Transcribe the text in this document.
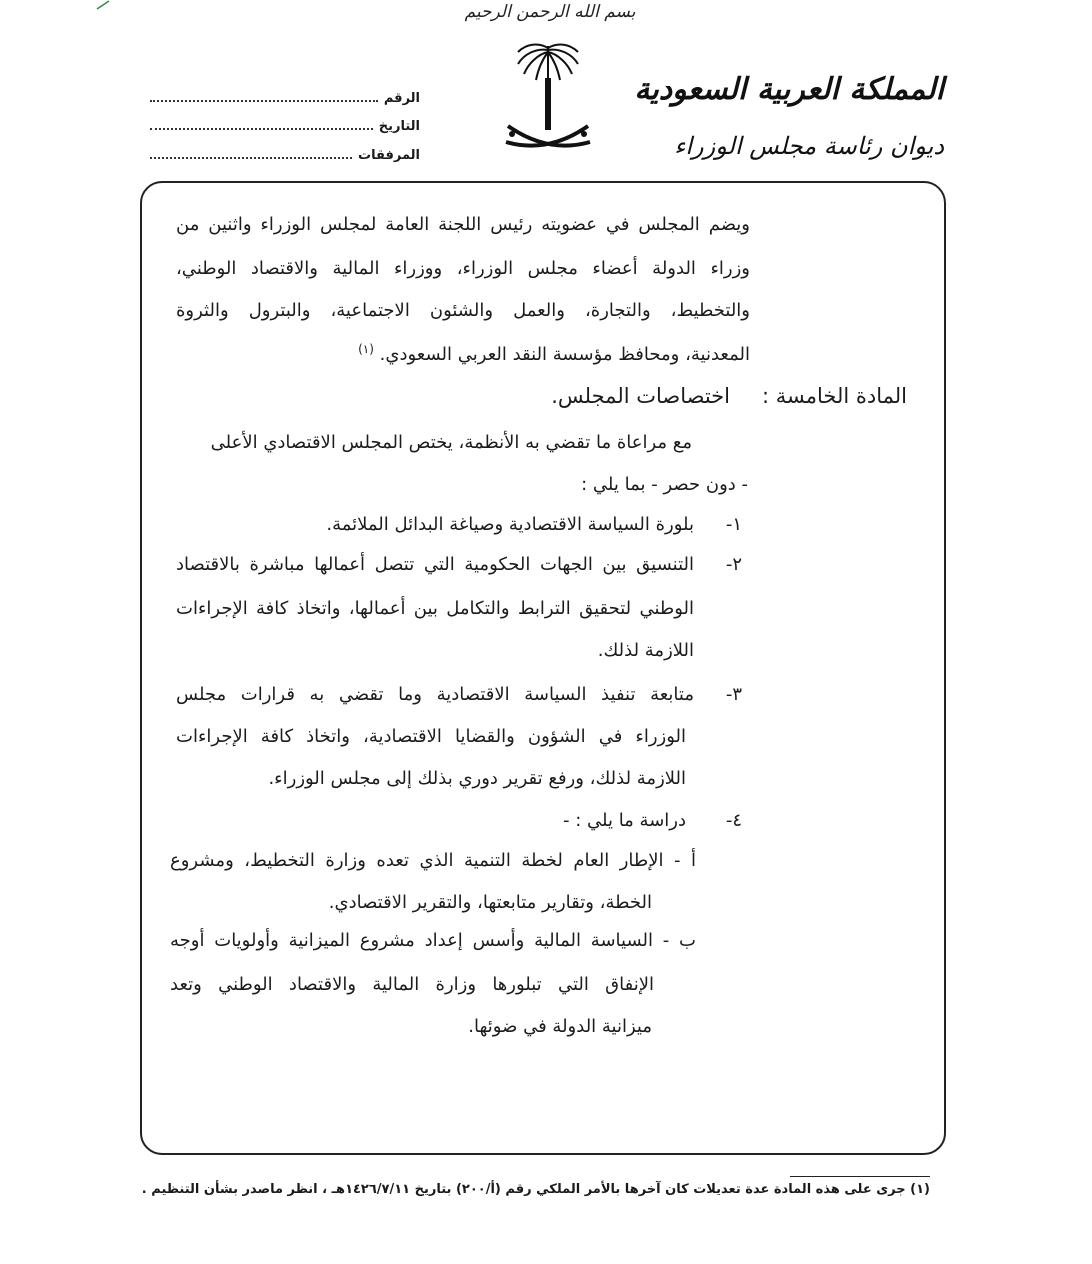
بسم الله الرحمن الرحيم
المملكة العربية السعودية
ديوان رئاسة مجلس الوزراء
الرقم
التاريخ
المرفقات
ويضم المجلس في عضويته رئيس اللجنة العامة لمجلس الوزراء واثنين من
وزراء الدولة أعضاء مجلس الوزراء، ووزراء المالية والاقتصاد الوطني،
والتخطيط، والتجارة، والعمل والشئون الاجتماعية، والبترول والثروة
المعدنية، ومحافظ مؤسسة النقد العربي السعودي. $^{(١)}$
المادة الخامسة :
اختصاصات المجلس.
مع مراعاة ما تقضي به الأنظمة، يختص المجلس الاقتصادي الأعلى
- دون حصر - بما يلي :
١-
بلورة السياسة الاقتصادية وصياغة البدائل الملائمة.
٢-
التنسيق بين الجهات الحكومية التي تتصل أعمالها مباشرة بالاقتصاد
الوطني لتحقيق الترابط والتكامل بين أعمالها، واتخاذ كافة الإجراءات
اللازمة لذلك.
٣-
متابعة تنفيذ السياسة الاقتصادية وما تقضي به قرارات مجلس
الوزراء في الشؤون والقضايا الاقتصادية، واتخاذ كافة الإجراءات
اللازمة لذلك، ورفع تقرير دوري بذلك إلى مجلس الوزراء.
٤-
دراسة ما يلي : -
أ - الإطار العام لخطة التنمية الذي تعده وزارة التخطيط، ومشروع
الخطة، وتقارير متابعتها، والتقرير الاقتصادي.
ب - السياسة المالية وأسس إعداد مشروع الميزانية وأولويات أوجه
الإنفاق التي تبلورها وزارة المالية والاقتصاد الوطني وتعد
ميزانية الدولة في ضوئها.
(١) جرى على هذه المادة عدة تعديلات كان آخرها بالأمر الملكي رقم (أ/٢٠٠) بتاريخ ١٤٢٦/٧/١١هـ ، انظر ماصدر بشأن التنظيم .
